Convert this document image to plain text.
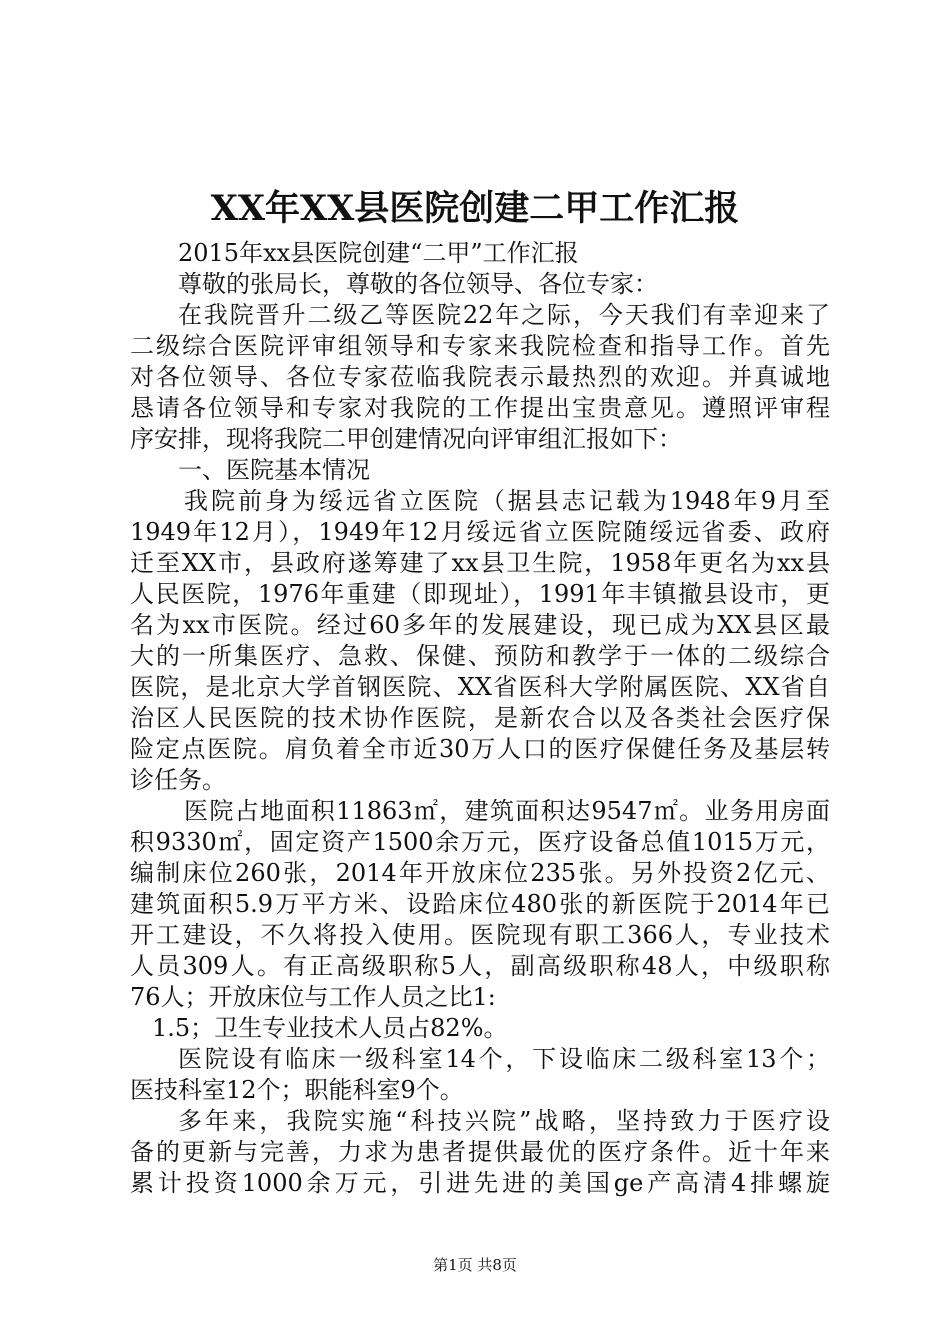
XX年XX县医院创建二甲工作汇报
2015年xx县医院创建“二甲”工作汇报
尊敬的张局长，尊敬的各位领导、各位专家：
在我院晋升二级乙等医院22年之际，今天我们有幸迎来了
二级综合医院评审组领导和专家来我院检查和指导工作。首先
对各位领导、各位专家莅临我院表示最热烈的欢迎。并真诚地
恳请各位领导和专家对我院的工作提出宝贵意见。遵照评审程
序安排，现将我院二甲创建情况向评审组汇报如下：
一、医院基本情况
我院前身为绥远省立医院（据县志记载为1948年9月至
1949年12月），1949年12月绥远省立医院随绥远省委、政府
迁至XX市，县政府遂筹建了xx县卫生院，1958年更名为xx县
人民医院，1976年重建（即现址），1991年丰镇撤县设市，更
名为xx市医院。经过60多年的发展建设，现已成为XX县区最
大的一所集医疗、急救、保健、预防和教学于一体的二级综合
医院，是北京大学首钢医院、XX省医科大学附属医院、XX省自
治区人民医院的技术协作医院，是新农合以及各类社会医疗保
险定点医院。肩负着全市近30万人口的医疗保健任务及基层转
诊任务。
医院占地面积11863㎡，建筑面积达9547㎡。业务用房面
积9330㎡，固定资产1500余万元，医疗设备总值1015万元，
编制床位260张，2014年开放床位235张。另外投资2亿元、
建筑面积5.9万平方米、设跲床位480张的新医院于2014年已
开工建设，不久将投入使用。医院现有职工366人，专业技术
人员309人。有正高级职称5人，副高级职称48人，中级职称
76人；开放床位与工作人员之比1:
1.5；卫生专业技术人员占82%。
医院设有临床一级科室14个，下设临床二级科室13个；
医技科室12个；职能科室9个。
多年来，我院实施“科技兴院”战略，坚持致力于医疗设
备的更新与完善，力求为患者提供最优的医疗条件。近十年来
累计投资1000余万元，引进先进的美国ge产高清4排螺旋
第1页 共8页
